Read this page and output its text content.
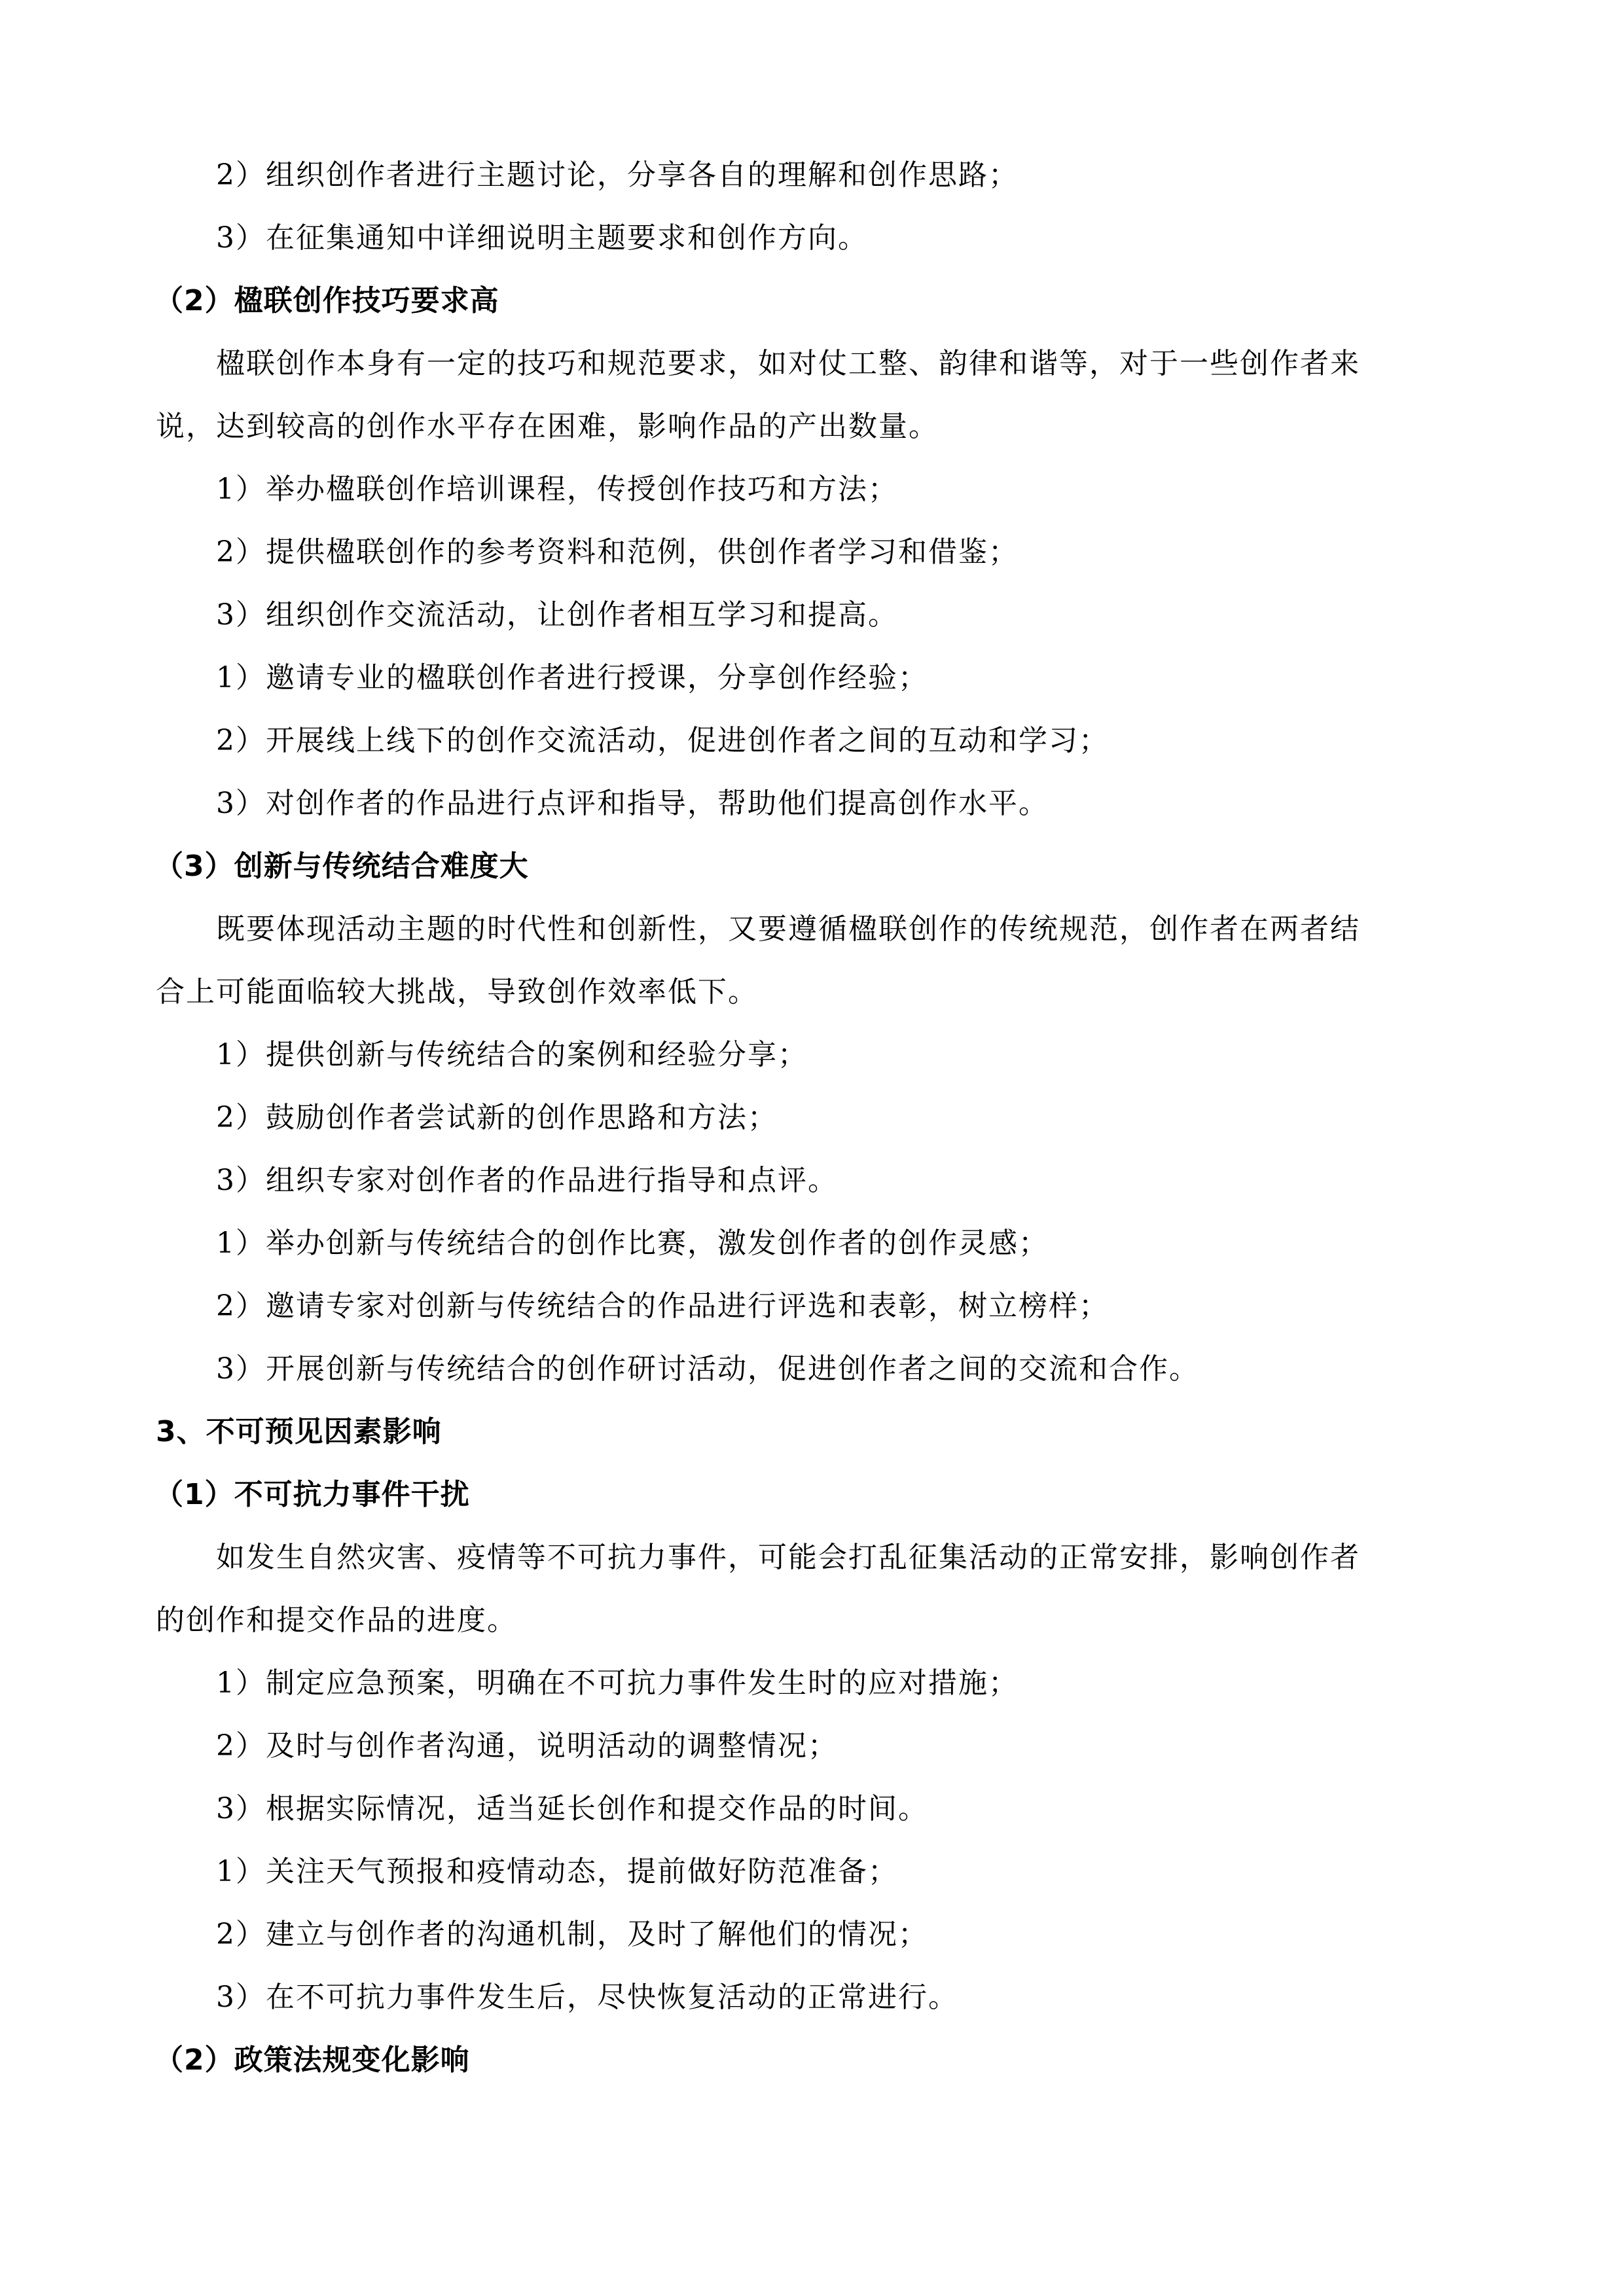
2）组织创作者进行主题讨论，分享各自的理解和创作思路；
3）在征集通知中详细说明主题要求和创作方向。
（2）楹联创作技巧要求高
楹联创作本身有一定的技巧和规范要求，如对仗工整、韵律和谐等，对于一些创作者来
说，达到较高的创作水平存在困难，影响作品的产出数量。
1）举办楹联创作培训课程，传授创作技巧和方法；
2）提供楹联创作的参考资料和范例，供创作者学习和借鉴；
3）组织创作交流活动，让创作者相互学习和提高。
1）邀请专业的楹联创作者进行授课，分享创作经验；
2）开展线上线下的创作交流活动，促进创作者之间的互动和学习；
3）对创作者的作品进行点评和指导，帮助他们提高创作水平。
（3）创新与传统结合难度大
既要体现活动主题的时代性和创新性，又要遵循楹联创作的传统规范，创作者在两者结
合上可能面临较大挑战，导致创作效率低下。
1）提供创新与传统结合的案例和经验分享；
2）鼓励创作者尝试新的创作思路和方法；
3）组织专家对创作者的作品进行指导和点评。
1）举办创新与传统结合的创作比赛，激发创作者的创作灵感；
2）邀请专家对创新与传统结合的作品进行评选和表彰，树立榜样；
3）开展创新与传统结合的创作研讨活动，促进创作者之间的交流和合作。
3、不可预见因素影响
（1）不可抗力事件干扰
如发生自然灾害、疫情等不可抗力事件，可能会打乱征集活动的正常安排，影响创作者
的创作和提交作品的进度。
1）制定应急预案，明确在不可抗力事件发生时的应对措施；
2）及时与创作者沟通，说明活动的调整情况；
3）根据实际情况，适当延长创作和提交作品的时间。
1）关注天气预报和疫情动态，提前做好防范准备；
2）建立与创作者的沟通机制，及时了解他们的情况；
3）在不可抗力事件发生后，尽快恢复活动的正常进行。
（2）政策法规变化影响
